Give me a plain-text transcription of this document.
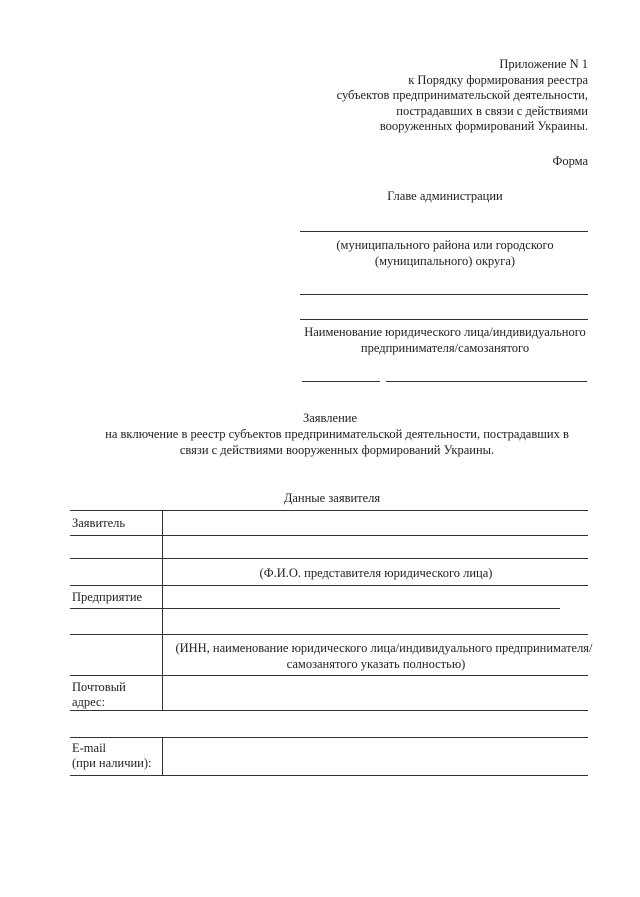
Приложение N 1
к Порядку формирования реестра
субъектов предпринимательской деятельности,
пострадавших в связи с действиями
вооруженных формирований Украины.
Форма
Главе администрации
(муниципального района или городского
(муниципального) округа)
Наименование юридического лица/индивидуального
предпринимателя/самозанятого
Заявление
на включение в реестр субъектов предпринимательской деятельности, пострадавших в
связи с действиями вооруженных формирований Украины.
Данные заявителя
Заявитель
(Ф.И.О. представителя юридического лица)
Предприятие
(ИНН, наименование юридического лица/индивидуального предпринимателя/
самозанятого указать полностью)
Почтовый
адрес:
E-mail
(при наличии):
